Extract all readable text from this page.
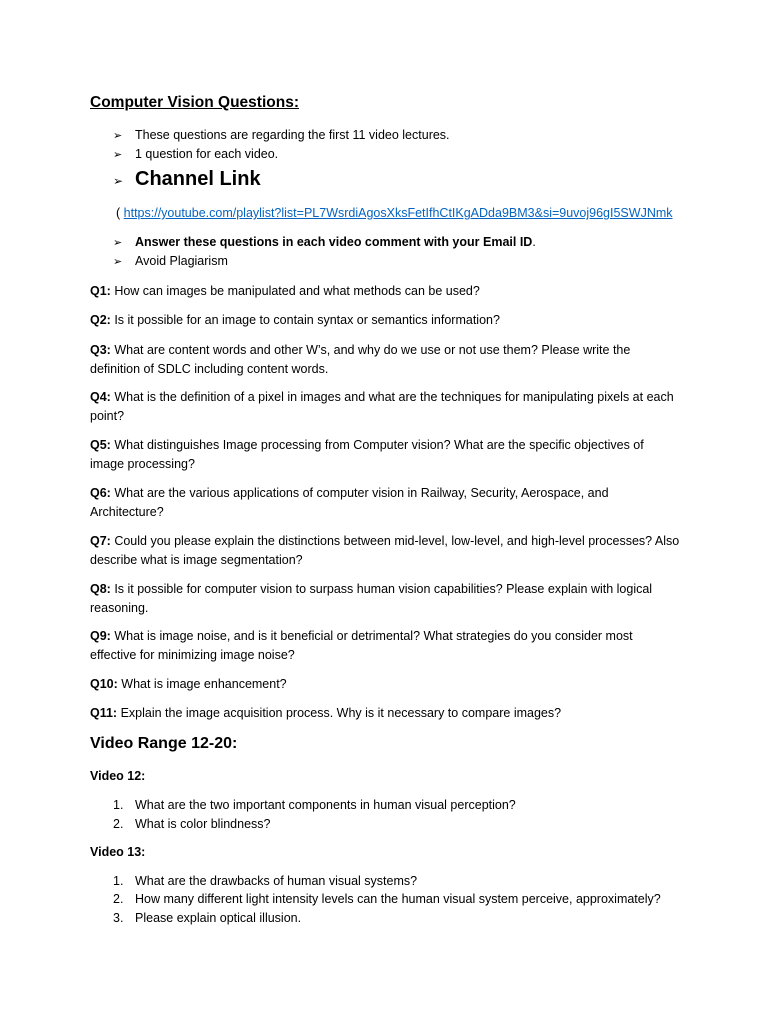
Computer Vision Questions:
➢	These questions are regarding the first 11 video lectures.
➢	1 question for each video.
➢ Channel Link
( https://youtube.com/playlist?list=PL7WsrdiAgosXksFetIfhCtIKgADda9BM3&si=9uvoj96gI5SWJNmk
➢	Answer these questions in each video comment with your Email ID.
➢	Avoid Plagiarism

Q1: How can images be manipulated and what methods can be used?

Q2: Is it possible for an image to contain syntax or semantics information?

Q3: What are content words and other W’s, and why do we use or not use them? Please write the definition of SDLC including content words.

Q4: What is the definition of a pixel in images and what are the techniques for manipulating pixels at each point?

Q5: What distinguishes Image processing from Computer vision? What are the specific objectives of image processing?

Q6: What are the various applications of computer vision in Railway, Security, Aerospace, and Architecture?

Q7: Could you please explain the distinctions between mid-level, low-level, and high-level processes? Also describe what is image segmentation?

Q8: Is it possible for computer vision to surpass human vision capabilities? Please explain with logical reasoning.

Q9: What is image noise, and is it beneficial or detrimental? What strategies do you consider most effective for minimizing image noise?

Q10: What is image enhancement?

Q11: Explain the image acquisition process. Why is it necessary to compare images?

Video Range 12-20:

Video 12:

1. What are the two important components in human visual perception?
2. What is color blindness?

Video 13:

1. What are the drawbacks of human visual systems?
2. How many different light intensity levels can the human visual system perceive, approximately?
3. Please explain optical illusion.
